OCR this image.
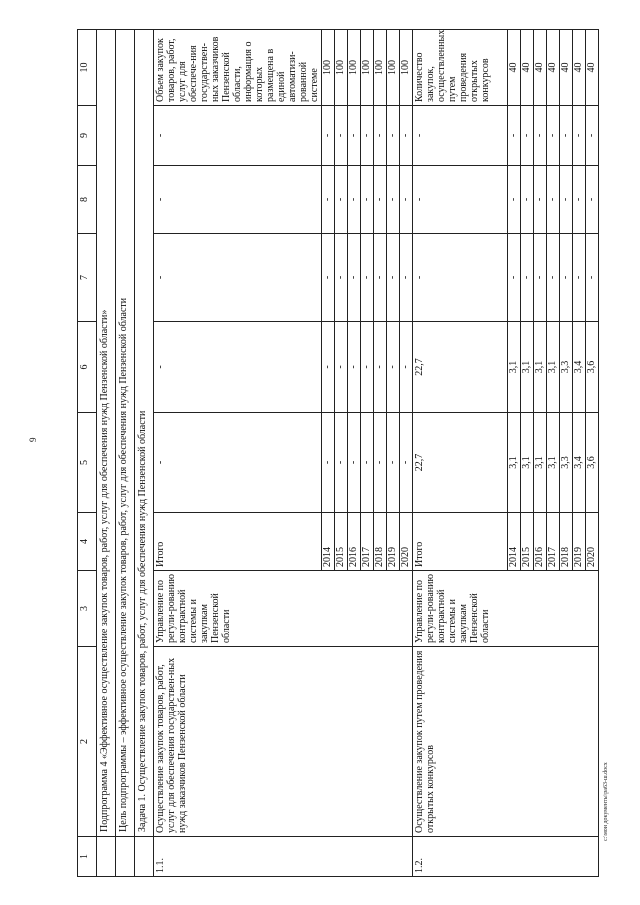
9
c:\мои документы\ра63-ш.docx
1	2	3	4	5	6	7	8	9	10
	Подпрограмма 4 «Эффективное осуществление закупок товаров, работ, услуг для обеспечения нужд Пензенской области»								
	Цель подпрограммы – эффективное осуществление закупок товаров, работ, услуг для обеспечения нужд Пензенской области								
	Задача 1. Осуществление закупок товаров, работ, услуг для обеспечения нужд Пензенской области								
1.1.	Осуществление закупок товаров, работ, услуг для обеспечения государствен-ных нужд заказчиков Пензенской области	Управление по регули-рованию контрактной системы и закупкам Пензенской области	Итого	-	-	-	-	-	Объем закупок товаров, работ, услуг для обеспече-ния государствен-ных заказчиков Пензенской области, информация о которых размещена в единой автоматизи-рованной системе
			2014	-	-	-	-	-	100
			2015	-	-	-	-	-	100
			2016	-	-	-	-	-	100
			2017	-	-	-	-	-	100
			2018	-	-	-	-	-	100
			2019	-	-	-	-	-	100
			2020	-	-	-	-	-	100
1.2.	Осуществление закупок путем проведения открытых конкурсов	Управление по регули-рованию контрактной системы и закупкам Пензенской области	Итого	22,7	22,7	-	-	-	Количество закупок, осуществленных путем проведения открытых конкурсов
			2014	3,1	3,1	-	-	-	40
			2015	3,1	3,1	-	-	-	40
			2016	3,1	3,1	-	-	-	40
			2017	3,1	3,1	-	-	-	40
			2018	3,3	3,3	-	-	-	40
			2019	3,4	3,4	-	-	-	40
			2020	3,6	3,6	-	-	-	40
